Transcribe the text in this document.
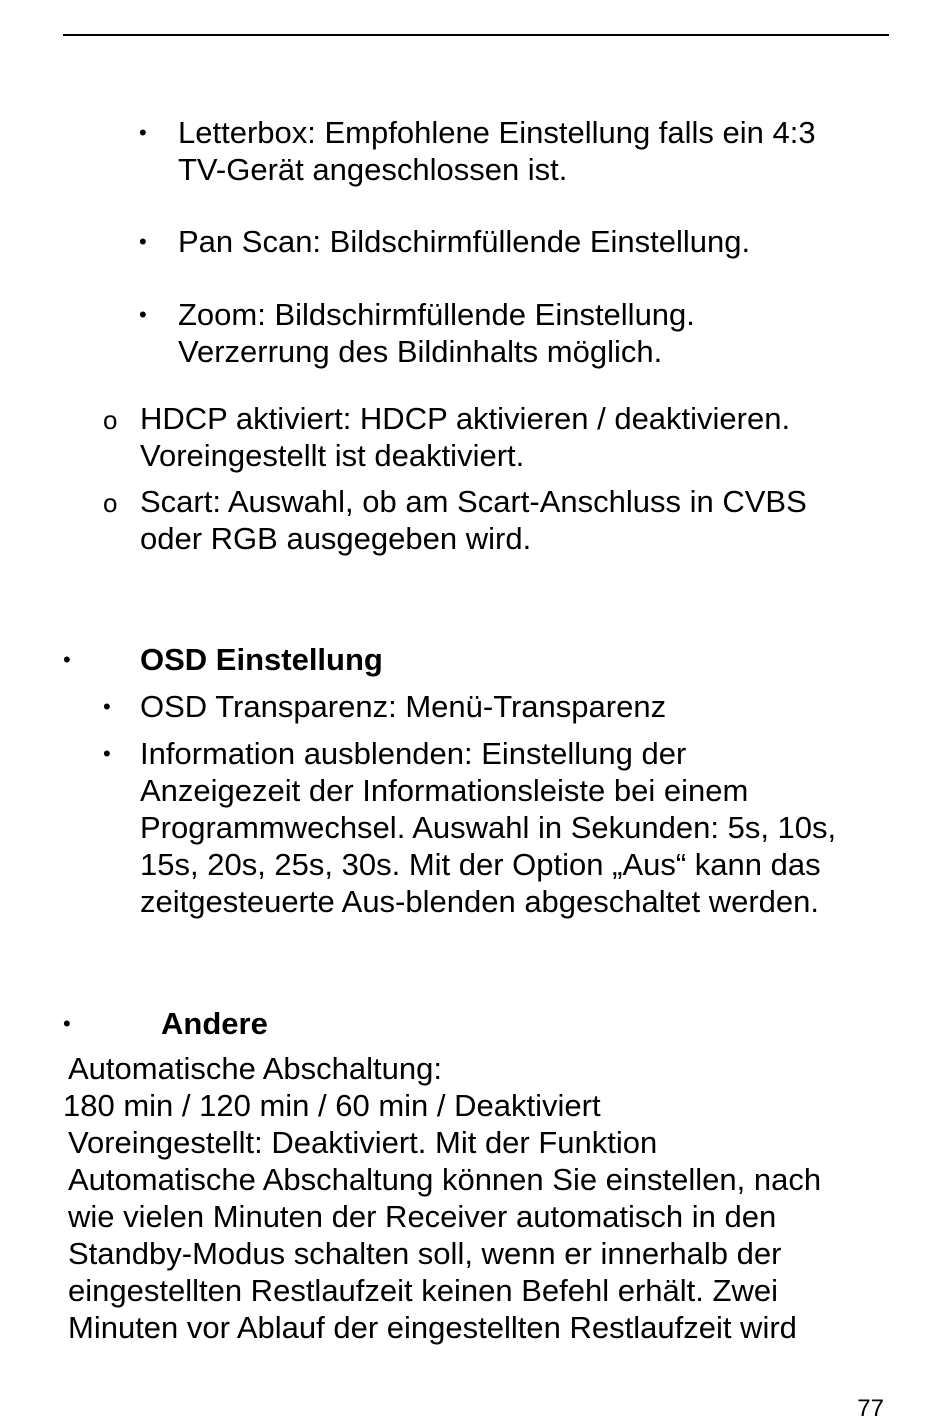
• Letterbox: Empfohlene Einstellung falls ein 4:3
TV-Gerät angeschlossen ist.
• Pan Scan: Bildschirmfüllende Einstellung.
• Zoom: Bildschirmfüllende Einstellung.
Verzerrung des Bildinhalts möglich.
o HDCP aktiviert: HDCP aktivieren / deaktivieren.
Voreingestellt ist deaktiviert.
o Scart: Auswahl, ob am Scart-Anschluss in CVBS
oder RGB ausgegeben wird.
• OSD Einstellung
• OSD Transparenz: Menü-Transparenz
• Information ausblenden: Einstellung der
Anzeigezeit der Informationsleiste bei einem
Programmwechsel. Auswahl in Sekunden: 5s, 10s,
15s, 20s, 25s, 30s. Mit der Option „Aus“ kann das
zeitgesteuerte Aus-blenden abgeschaltet werden.
•	Andere
Automatische Abschaltung:
180 min / 120 min / 60 min / Deaktiviert
Voreingestellt: Deaktiviert. Mit der Funktion
Automatische Abschaltung können Sie einstellen, nach
wie vielen Minuten der Receiver automatisch in den
Standby-Modus schalten soll, wenn er innerhalb der
eingestellten Restlaufzeit keinen Befehl erhält. Zwei
Minuten vor Ablauf der eingestellten Restlaufzeit wird
77
